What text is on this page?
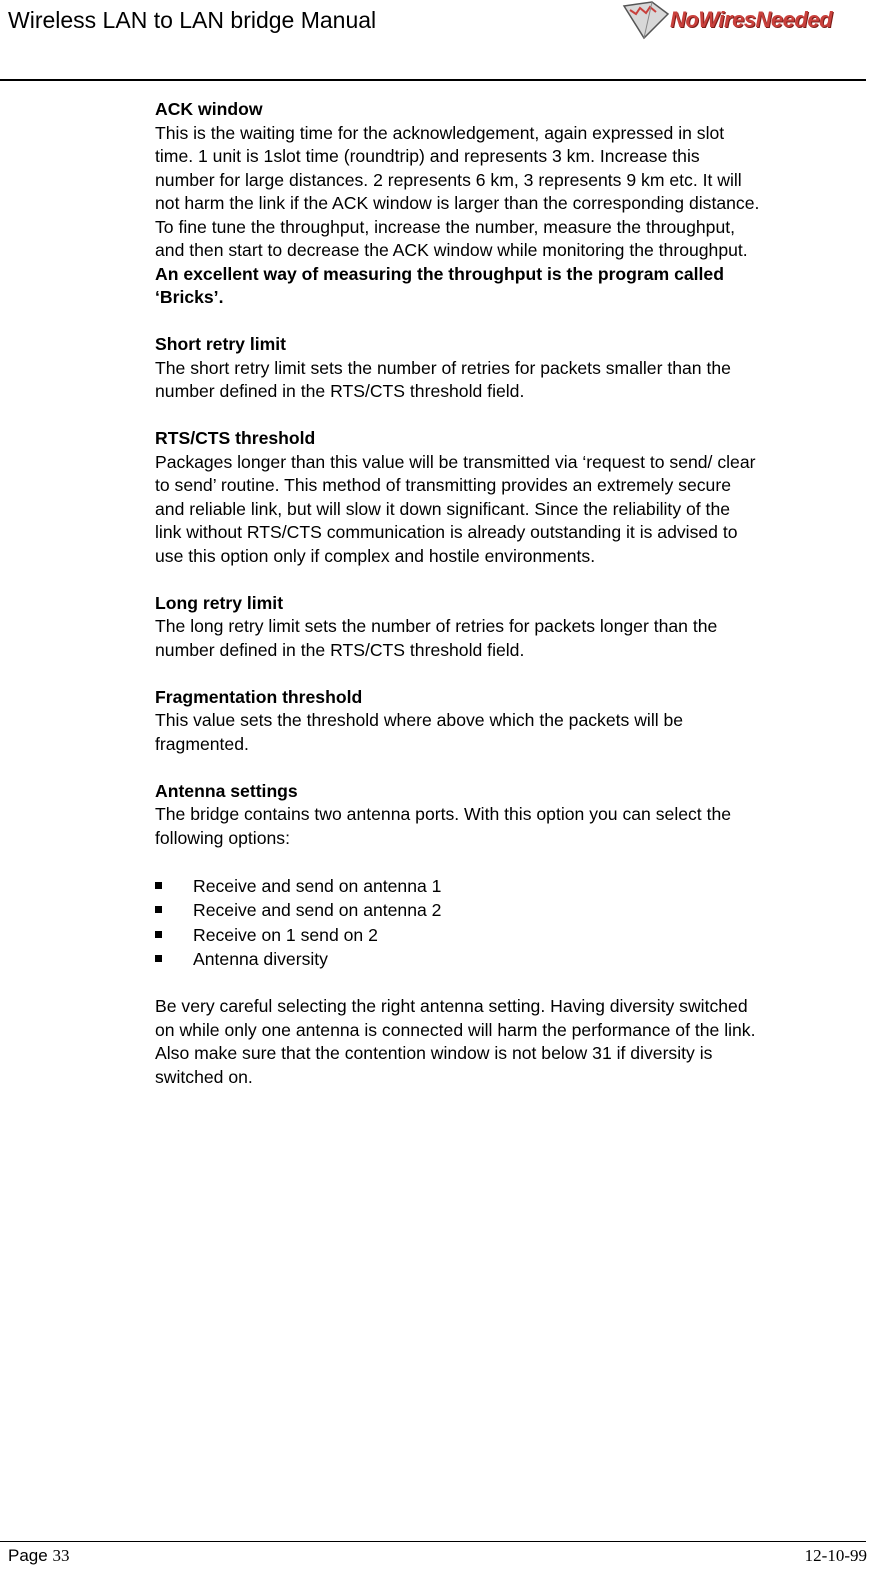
Wireless LAN to LAN bridge Manual	NoWiresNeeded
ACK window

This is the waiting time for the acknowledgement, again expressed in slot
time. 1 unit is 1slot time (roundtrip) and represents 3 km. Increase this
number for large distances. 2 represents 6 km, 3 represents 9 km etc. It will
not harm the link if the ACK window is larger than the corresponding distance.
To fine tune the throughput, increase the number, measure the throughput,
and then start to decrease the ACK window while monitoring the throughput.
An excellent way of measuring the throughput is the program called
‘Bricks’.

Short retry limit

The short retry limit sets the number of retries for packets smaller than the
number defined in the RTS/CTS threshold field.

RTS/CTS threshold

Packages longer than this value will be transmitted via ‘request to send/ clear
to send’ routine. This method of transmitting provides an extremely secure
and reliable link, but will slow it down significant. Since the reliability of the
link without RTS/CTS communication is already outstanding it is advised to
use this option only if complex and hostile environments.

Long retry limit

The long retry limit sets the number of retries for packets longer than the
number defined in the RTS/CTS threshold field.

Fragmentation threshold

This value sets the threshold where above which the packets will be
fragmented.

Antenna settings

The bridge contains two antenna ports. With this option you can select the
following options:

Receive and send on antenna 1
Receive and send on antenna 2
Receive on 1 send on 2
Antenna diversity

Be very careful selecting the right antenna setting. Having diversity switched
on while only one antenna is connected will harm the performance of the link.
Also make sure that the contention window is not below 31 if diversity is
switched on.

Page 33	12-10-99
